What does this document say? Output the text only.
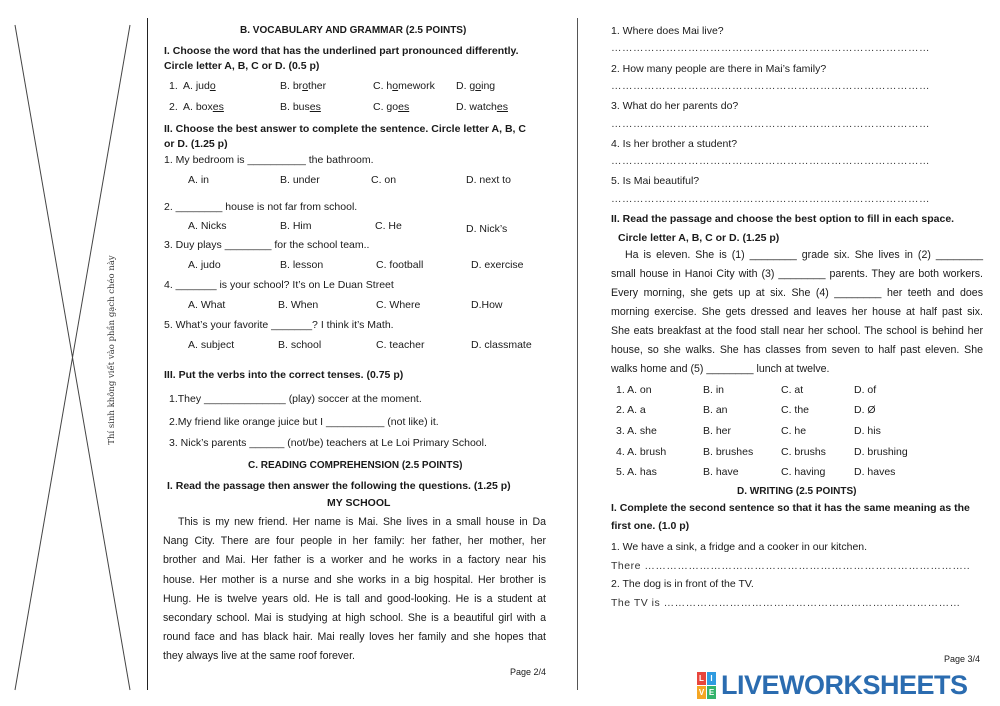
Thí sinh không viết vào phần gạch chéo này
B. VOCABULARY AND GRAMMAR (2.5 POINTS)
I. Choose the word that has the underlined part pronounced differently.
Circle letter A, B, C or D. (0.5 p)
1. A. judo	B. brother	C. homework D. going
2. A. boxes	B. buses	C. goes	D. watches
II. Choose the best answer to complete the sentence. Circle letter A, B, C
or D. (1.25 p)
1. My bedroom is __________ the bathroom.
A. in	B. under	C. on	D. next to
2. ________ house is not far from school.
A. Nicks	B. Him	C. He	D. Nick’s
3. Duy plays ________ for the school team..
A. judo	B. lesson	C. football	D. exercise
4. _______ is your school? It’s on Le Duan Street
A. What	B. When	C. Where	D.How
5. What’s your favorite _______? I think it’s Math.
A. subject	B. school	C. teacher	D. classmate
III. Put the verbs into the correct tenses. (0.75 p)
1.They ______________ (play) soccer at the moment.
2.My friend like orange juice but I __________ (not like) it.
3. Nick’s parents ______ (not/be) teachers at Le Loi Primary School.
C. READING COMPREHENSION (2.5 POINTS)
I. Read the passage then answer the following the questions. (1.25 p)
MY SCHOOL
This is my new friend. Her name is Mai. She lives in a small house in Da
Nang City. There are four people in her family: her father, her mother, her
brother and Mai. Her father is a worker and he works in a factory near his
house. Her mother is a nurse and she works in a big hospital. Her brother is
Hung. He is twelve years old. He is tall and good-looking. He is a student at
secondary school. Mai is studying at high school. She is a beautiful girl with a
round face and has black hair. Mai really loves her family and she hopes that
they always live at the same roof forever.
Page 2/4
1. Where does Mai live?
……………………………………………………………………………
2. How many people are there in Mai’s family?
……………………………………………………………………………
3. What do her parents do?
……………………………………………………………………………
4. Is her brother a student?
……………………………………………………………………………
5. Is Mai beautiful?
……………………………………………………………………………
II. Read the passage and choose the best option to fill in each space.
Circle letter A, B, C or D. (1.25 p)
Ha is eleven. She is (1) ________ grade six. She lives in (2) ________
small house in Hanoi City with (3) ________ parents. They are both workers.
Every morning, she gets up at six. She (4) ________ her teeth and does
morning exercise. She gets dressed and leaves her house at half past six.
She eats breakfast at the food stall near her school. The school is behind her
house, so she walks. She has classes from seven to half past eleven. She
walks home and (5) ________ lunch at twelve.
1. A. on	B. in	C. at	D. of
2. A. a	B. an	C. the	D. Ø
3. A. she	B. her	C. he	D. his
4. A. brush	B. brushes	C. brushs	D. brushing
5. A. has	B. have	C. having	D. haves
D. WRITING (2.5 POINTS)
I. Complete the second sentence so that it has the same meaning as the
first one. (1.0 p)
1. We have a sink, a fridge and a cooker in our kitchen.
There ……………………………………………………………………………..
2. The dog is in front of the TV.
The TV is ………………………………………………………………………
Page 3/4
L I
V E LIVEWORKSHEETS
